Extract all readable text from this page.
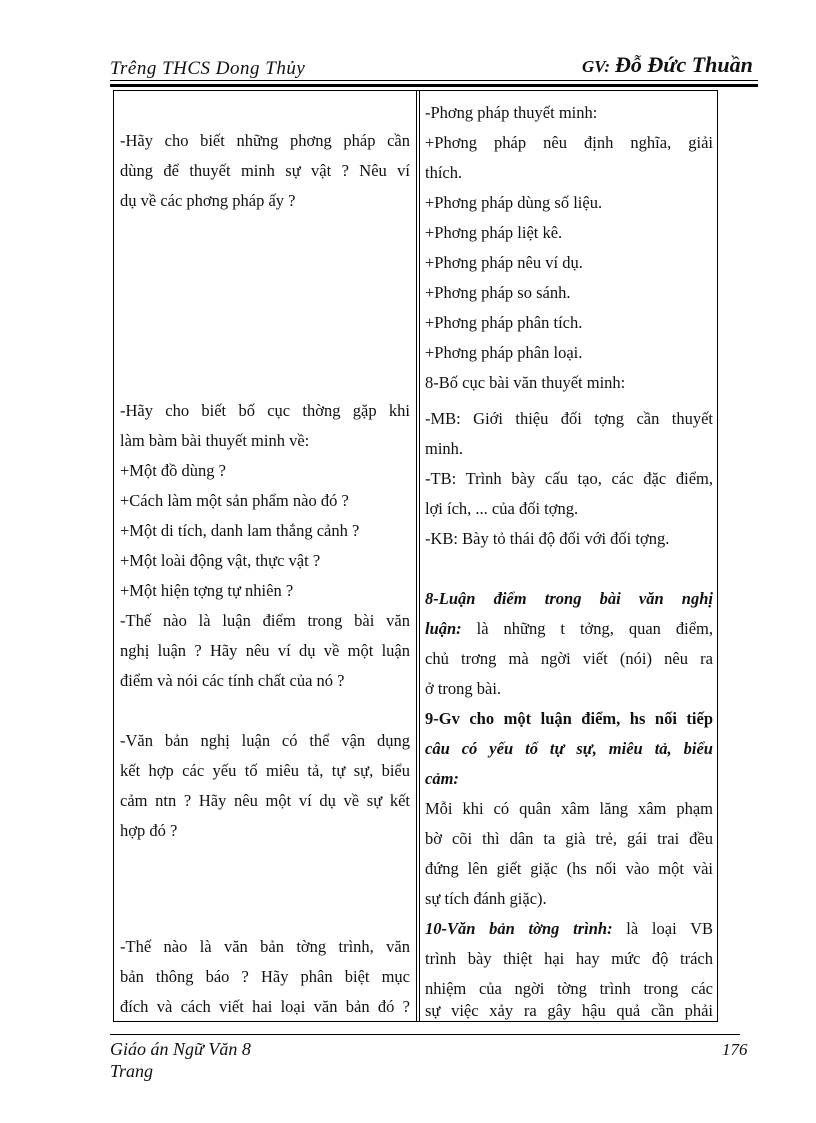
Trêng THCS Dong Thủy	GV: Đỗ Đức Thuần
-Hãy cho biết những phơng pháp cần
dùng để thuyết minh sự vật ? Nêu ví
dụ về các phơng pháp ấy ?
-Hãy cho biết bố cục thờng gặp khi
làm bàm bài thuyết minh về:
+Một đồ dùng ?
+Cách làm một sản phẩm nào đó ?
+Một di tích, danh lam thắng cảnh ?
+Một loài động vật, thực vật ?
+Một hiện tợng tự nhiên ?
-Thế nào là luận điểm trong bài văn
nghị luận ? Hãy nêu ví dụ về một luận
điểm và nói các tính chất của nó ?
-Văn bản nghị luận có thể vận dụng
kết hợp các yếu tố miêu tả, tự sự, biểu
cảm ntn ? Hãy nêu một ví dụ về sự kết
hợp đó ?
-Thế nào là văn bản tờng trình, văn
bản thông báo ? Hãy phân biệt mục
đích và cách viết hai loại văn bản đó ?
-Phơng pháp thuyết minh:
+Phơng pháp nêu định nghĩa, giải
thích.
+Phơng pháp dùng số liệu.
+Phơng pháp liệt kê.
+Phơng pháp nêu ví dụ.
+Phơng pháp so sánh.
+Phơng pháp phân tích.
+Phơng pháp phân loại.
8-Bố cục bài văn thuyết minh:
-MB: Giới thiệu đối tợng cần thuyết
minh.
-TB: Trình bày cấu tạo, các đặc điểm,
lợi ích, ... của đối tợng.
-KB: Bày tỏ thái độ đối với đối tợng.
8-Luận điểm trong bài văn nghị
luận: là những t tởng, quan điểm,
chủ trơng mà ngời viết (nói) nêu ra
ở trong bài.
9-Gv cho một luận điểm, hs nối tiếp
câu có yếu tố tự sự, miêu tả, biểu
cảm:
Mỗi khi có quân xâm lăng xâm phạm
bờ cõi thì dân ta già trẻ, gái trai đều
đứng lên giết giặc (hs nối vào một vài
sự tích đánh giặc).
10-Văn bản tờng trình: là loại VB
trình bày thiệt hại hay mức độ trách
nhiệm của ngời tờng trình trong các
sự việc xảy ra gây hậu quả cần phải
Giáo án Ngữ Văn 8
Trang
176
